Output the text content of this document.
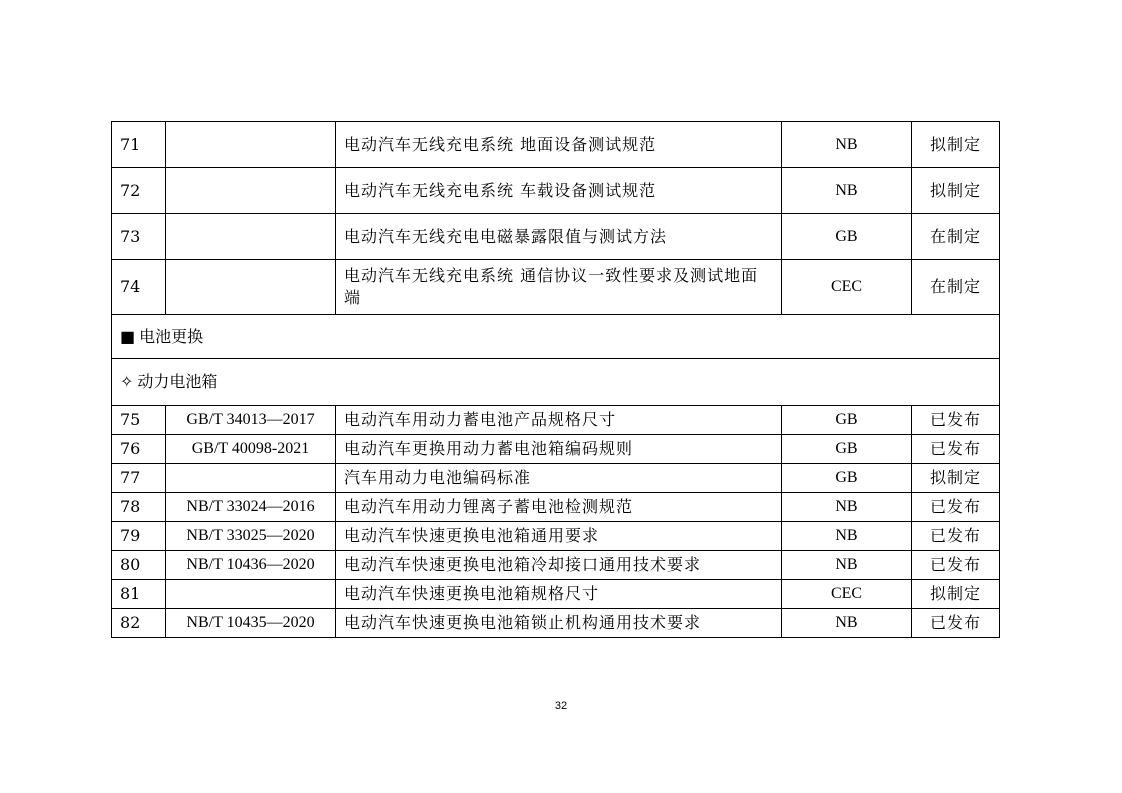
71		电动汽车无线充电系统 地面设备测试规范	NB	拟制定
72		电动汽车无线充电系统 车载设备测试规范	NB	拟制定
73		电动汽车无线充电电磁暴露限值与测试方法	GB	在制定
74		电动汽车无线充电系统 通信协议一致性要求及测试地面端	CEC	在制定
■ 电池更换				
✧ 动力电池箱				
75	GB/T 34013—2017	电动汽车用动力蓄电池产品规格尺寸	GB	已发布
76	GB/T 40098-2021	电动汽车更换用动力蓄电池箱编码规则	GB	已发布
77		汽车用动力电池编码标准	GB	拟制定
78	NB/T 33024—2016	电动汽车用动力锂离子蓄电池检测规范	NB	已发布
79	NB/T 33025—2020	电动汽车快速更换电池箱通用要求	NB	已发布
80	NB/T 10436—2020	电动汽车快速更换电池箱冷却接口通用技术要求	NB	已发布
81		电动汽车快速更换电池箱规格尺寸	CEC	拟制定
82	NB/T 10435—2020	电动汽车快速更换电池箱锁止机构通用技术要求	NB	已发布
32
